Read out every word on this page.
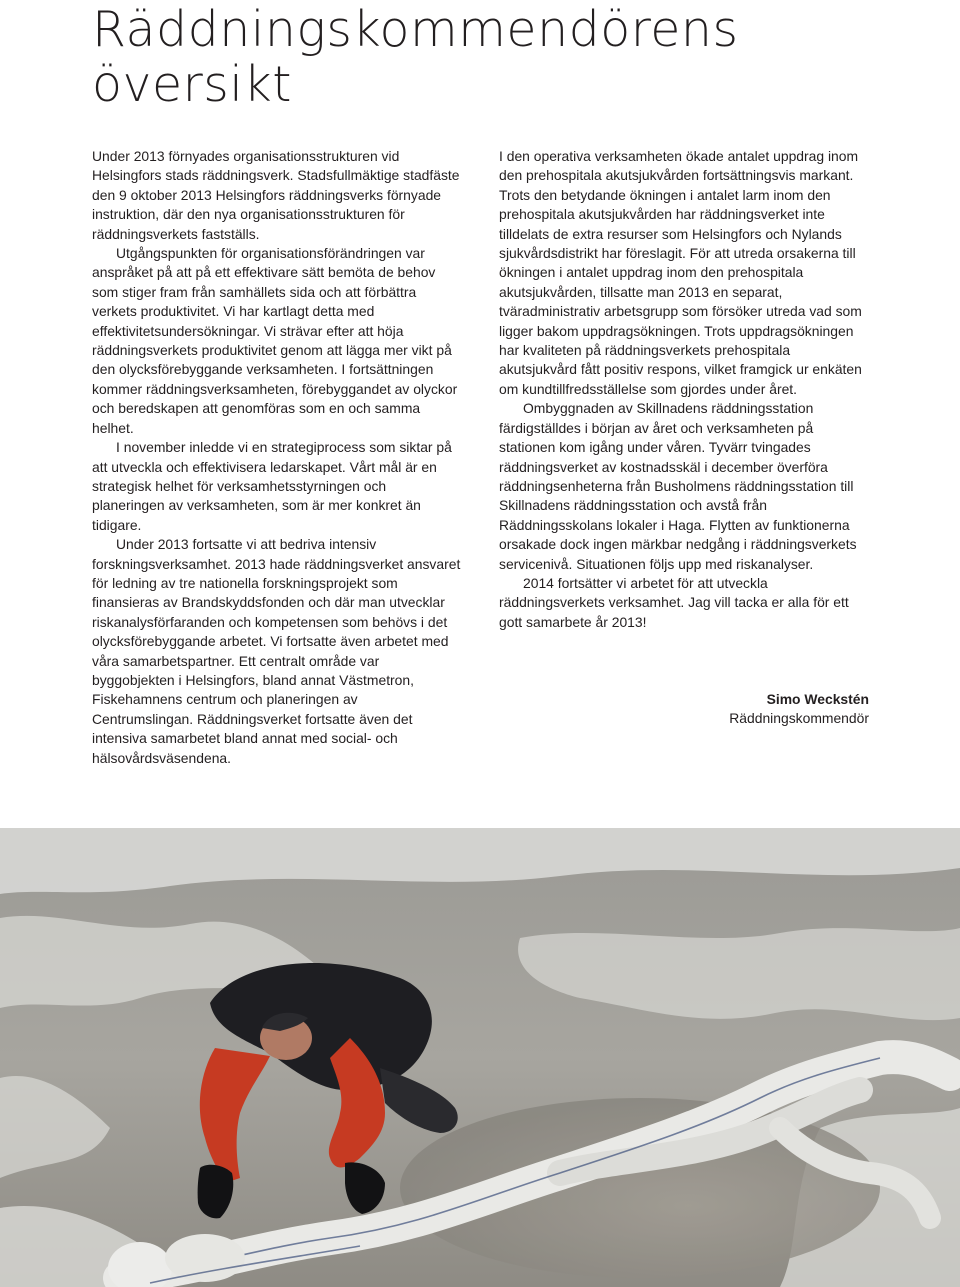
Räddningskommendörens
översikt

Under 2013 förnyades organisationsstrukturen vid Helsingfors stads räddningsverk. Stadsfullmäktige stadfäste den 9 oktober 2013 Helsingfors räddningsverks förnyade instruktion, där den nya organisationsstrukturen för räddningsverkets fastställs.

Utgångspunkten för organisationsförändringen var anspråket på att på ett effektivare sätt bemöta de behov som stiger fram från samhällets sida och att förbättra verkets produktivitet. Vi har kartlagt detta med effektivitetsundersökningar. Vi strävar efter att höja räddningsverkets produktivitet genom att lägga mer vikt på den olycksförebyggande verksamheten. I fortsättningen kommer räddningsverksamheten, förebyggandet av olyckor och beredskapen att genomföras som en och samma helhet.

I november inledde vi en strategiprocess som siktar på att utveckla och effektivisera ledarskapet. Vårt mål är en strategisk helhet för verksamhetsstyrningen och planeringen av verksamheten, som är mer konkret än tidigare.

Under 2013 fortsatte vi att bedriva intensiv forskningsverksamhet. 2013 hade räddningsverket ansvaret för ledning av tre nationella forskningsprojekt som finansieras av Brandskyddsfonden och där man utvecklar riskanalysförfaranden och kompetensen som behövs i det olycksförebyggande arbetet. Vi fortsatte även arbetet med våra samarbetspartner. Ett centralt område var byggobjekten i Helsingfors, bland annat Västmetron, Fiskehamnens centrum och planeringen av Centrumslingan. Räddningsverket fortsatte även det intensiva samarbetet bland annat med social- och hälsovårdsväsendena.

I den operativa verksamheten ökade antalet uppdrag inom den prehospitala akutsjukvården fortsättningsvis markant. Trots den betydande ökningen i antalet larm inom den prehospitala akutsjukvården har räddningsverket inte tilldelats de extra resurser som Helsingfors och Nylands sjukvårdsdistrikt har föreslagit. För att utreda orsakerna till ökningen i antalet uppdrag inom den prehospitala akutsjukvården, tillsatte man 2013 en separat, tväradministrativ arbetsgrupp som försöker utreda vad som ligger bakom uppdragsökningen. Trots uppdragsökningen har kvaliteten på räddningsverkets prehospitala akutsjukvård fått positiv respons, vilket framgick ur enkäten om kundtillfredsställelse som gjordes under året.

Ombyggnaden av Skillnadens räddningsstation färdigställdes i början av året och verksamheten på stationen kom igång under våren. Tyvärr tvingades räddningsverket av kostnadsskäl i december överföra räddningsenheterna från Busholmens räddningsstation till Skillnadens räddningsstation och avstå från Räddningsskolans lokaler i Haga. Flytten av funktionerna orsakade dock ingen märkbar nedgång i räddningsverkets servicenivå. Situationen följs upp med riskanalyser.

2014 fortsätter vi arbetet för att utveckla räddningsverkets verksamhet. Jag vill tacka er alla för ett gott samarbete år 2013!

Simo Weckstén
Räddningskommendör
